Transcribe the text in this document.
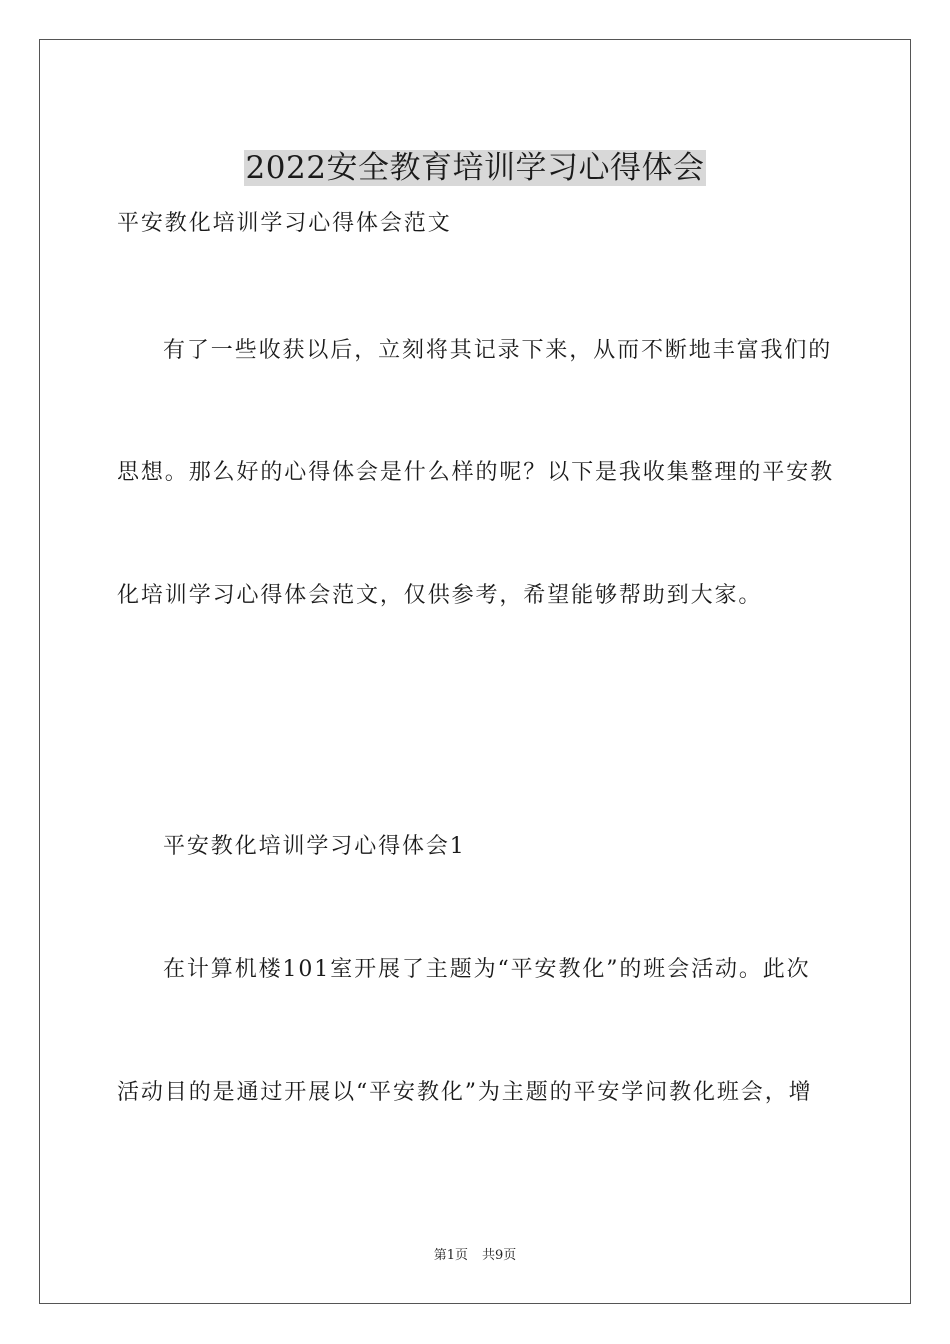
2022安全教育培训学习心得体会
平安教化培训学习心得体会范文
有了一些收获以后，立刻将其记录下来，从而不断地丰富我们的
思想。那么好的心得体会是什么样的呢？以下是我收集整理的平安教
化培训学习心得体会范文，仅供参考，希望能够帮助到大家。
平安教化培训学习心得体会1
在计算机楼101室开展了主题为“平安教化”的班会活动。此次
活动目的是通过开展以“平安教化”为主题的平安学问教化班会，增
第1页 共9页
